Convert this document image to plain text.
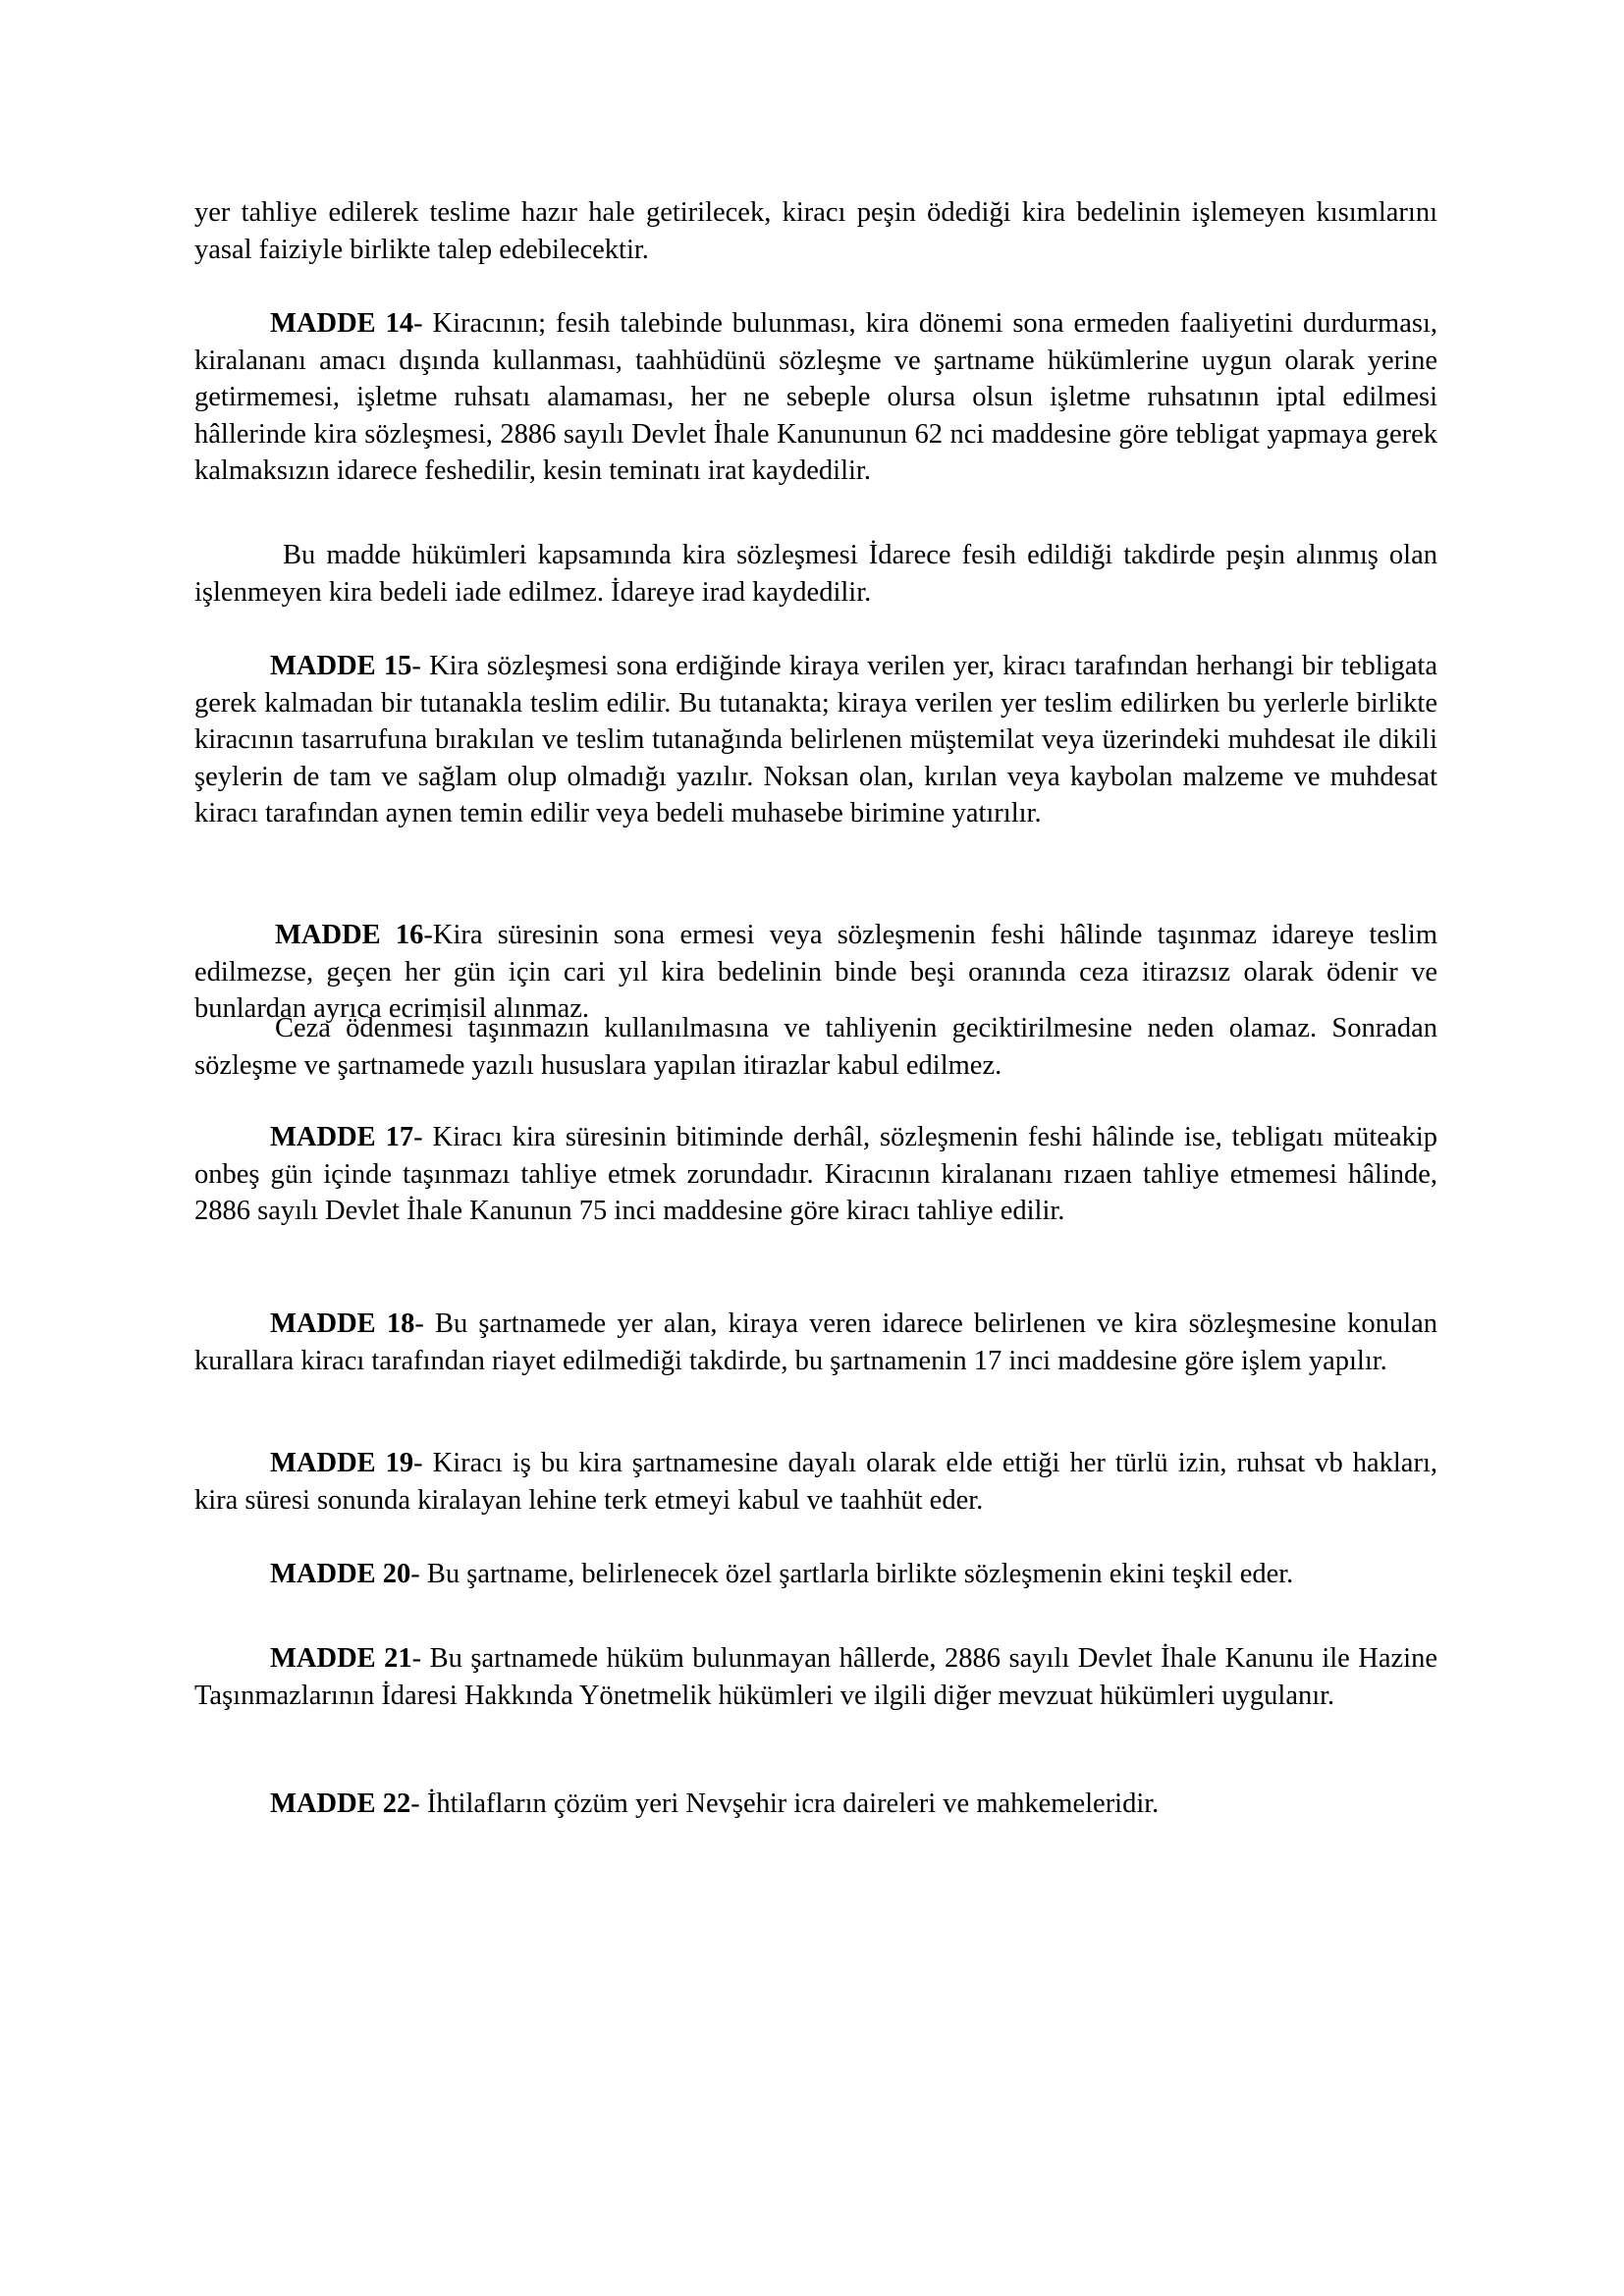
yer tahliye edilerek teslime hazır hale getirilecek, kiracı peşin ödediği kira bedelinin işlemeyen kısımlarını yasal faiziyle birlikte talep edebilecektir.

MADDE 14- Kiracının; fesih talebinde bulunması, kira dönemi sona ermeden faaliyetini durdurması, kiralananı amacı dışında kullanması, taahhüdünü sözleşme ve şartname hükümlerine uygun olarak yerine getirmemesi, işletme ruhsatı alamaması, her ne sebeple olursa olsun işletme ruhsatının iptal edilmesi hâllerinde kira sözleşmesi, 2886 sayılı Devlet İhale Kanununun 62 nci maddesine göre tebligat yapmaya gerek kalmaksızın idarece feshedilir, kesin teminatı irat kaydedilir.

Bu madde hükümleri kapsamında kira sözleşmesi İdarece fesih edildiği takdirde peşin alınmış olan işlenmeyen kira bedeli iade edilmez. İdareye irad kaydedilir.

MADDE 15- Kira sözleşmesi sona erdiğinde kiraya verilen yer, kiracı tarafından herhangi bir tebligata gerek kalmadan bir tutanakla teslim edilir. Bu tutanakta; kiraya verilen yer teslim edilirken bu yerlerle birlikte kiracının tasarrufuna bırakılan ve teslim tutanağında belirlenen müştemilat veya üzerindeki muhdesat ile dikili şeylerin de tam ve sağlam olup olmadığı yazılır. Noksan olan, kırılan veya kaybolan malzeme ve muhdesat kiracı tarafından aynen temin edilir veya bedeli muhasebe birimine yatırılır.

MADDE 16-Kira süresinin sona ermesi veya sözleşmenin feshi hâlinde taşınmaz idareye teslim edilmezse, geçen her gün için cari yıl kira bedelinin binde beşi oranında ceza itirazsız olarak ödenir ve bunlardan ayrıca ecrimisil alınmaz.

Ceza ödenmesi taşınmazın kullanılmasına ve tahliyenin geciktirilmesine neden olamaz. Sonradan sözleşme ve şartnamede yazılı hususlara yapılan itirazlar kabul edilmez.

MADDE 17- Kiracı kira süresinin bitiminde derhâl, sözleşmenin feshi hâlinde ise, tebligatı müteakip onbeş gün içinde taşınmazı tahliye etmek zorundadır. Kiracının kiralananı rızaen tahliye etmemesi hâlinde, 2886 sayılı Devlet İhale Kanunun 75 inci maddesine göre kiracı tahliye edilir.

MADDE 18- Bu şartnamede yer alan, kiraya veren idarece belirlenen ve kira sözleşmesine konulan kurallara kiracı tarafından riayet edilmediği takdirde, bu şartnamenin 17 inci maddesine göre işlem yapılır.

MADDE 19- Kiracı iş bu kira şartnamesine dayalı olarak elde ettiği her türlü izin, ruhsat vb hakları, kira süresi sonunda kiralayan lehine terk etmeyi kabul ve taahhüt eder.

MADDE 20- Bu şartname, belirlenecek özel şartlarla birlikte sözleşmenin ekini teşkil eder.

MADDE 21- Bu şartnamede hüküm bulunmayan hâllerde, 2886 sayılı Devlet İhale Kanunu ile Hazine Taşınmazlarının İdaresi Hakkında Yönetmelik hükümleri ve ilgili diğer mevzuat hükümleri uygulanır.

MADDE 22- İhtilafların çözüm yeri Nevşehir icra daireleri ve mahkemeleridir.
